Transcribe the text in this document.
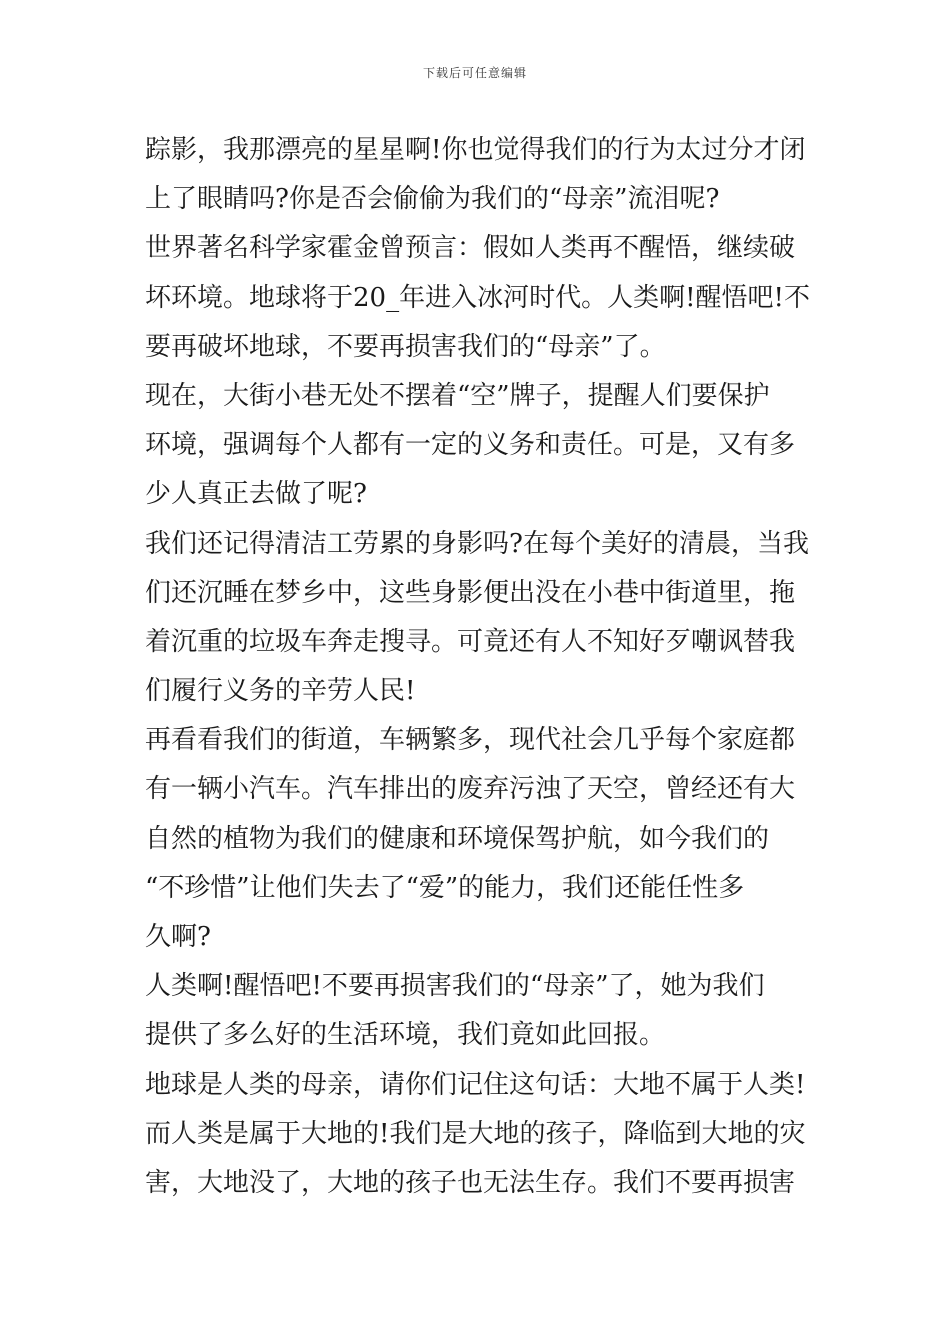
下载后可任意编辑
踪影，我那漂亮的星星啊!你也觉得我们的行为太过分才闭
上了眼睛吗?你是否会偷偷为我们的“母亲”流泪呢?
世界著名科学家霍金曾预言：假如人类再不醒悟，继续破
坏环境。地球将于20_年进入冰河时代。人类啊!醒悟吧!不
要再破坏地球，不要再损害我们的“母亲”了。
现在，大街小巷无处不摆着“空”牌子，提醒人们要保护
环境，强调每个人都有一定的义务和责任。可是，又有多
少人真正去做了呢?
我们还记得清洁工劳累的身影吗?在每个美好的清晨，当我
们还沉睡在梦乡中，这些身影便出没在小巷中街道里，拖
着沉重的垃圾车奔走搜寻。可竟还有人不知好歹嘲讽替我
们履行义务的辛劳人民!
再看看我们的街道，车辆繁多，现代社会几乎每个家庭都
有一辆小汽车。汽车排出的废弃污浊了天空，曾经还有大
自然的植物为我们的健康和环境保驾护航，如今我们的
“不珍惜”让他们失去了“爱”的能力，我们还能任性多
久啊?
人类啊!醒悟吧!不要再损害我们的“母亲”了，她为我们
提供了多么好的生活环境，我们竟如此回报。
地球是人类的母亲，请你们记住这句话：大地不属于人类!
而人类是属于大地的!我们是大地的孩子，降临到大地的灾
害，大地没了，大地的孩子也无法生存。我们不要再损害
